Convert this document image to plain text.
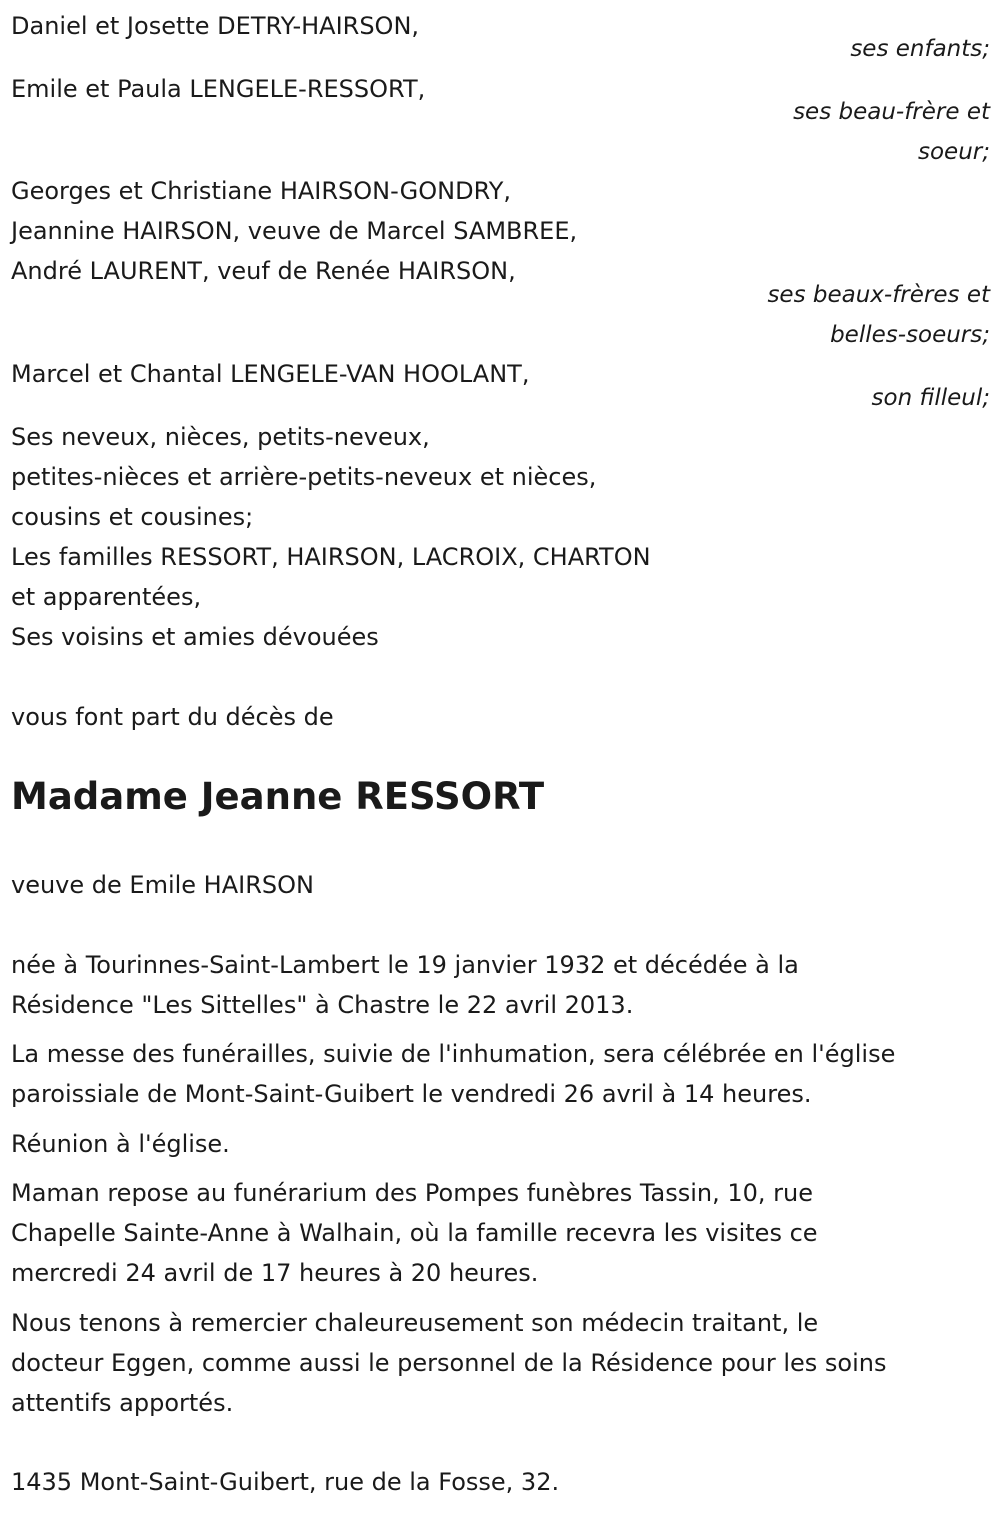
Daniel et Josette DETRY-HAIRSON,
ses enfants;
Emile et Paula LENGELE-RESSORT,
ses beau-frère et
soeur;
Georges et Christiane HAIRSON-GONDRY,
Jeannine HAIRSON, veuve de Marcel SAMBREE,
André LAURENT, veuf de Renée HAIRSON,
ses beaux-frères et
belles-soeurs;
Marcel et Chantal LENGELE-VAN HOOLANT,
son filleul;
Ses neveux, nièces, petits-neveux,
petites-nièces et arrière-petits-neveux et nièces,
cousins et cousines;
Les familles RESSORT, HAIRSON, LACROIX, CHARTON
et apparentées,
Ses voisins et amies dévouées
vous font part du décès de
Madame Jeanne RESSORT
veuve de Emile HAIRSON
née à Tourinnes-Saint-Lambert le 19 janvier 1932 et décédée à la
Résidence "Les Sittelles" à Chastre le 22 avril 2013.
La messe des funérailles, suivie de l'inhumation, sera célébrée en l'église
paroissiale de Mont-Saint-Guibert le vendredi 26 avril à 14 heures.
Réunion à l'église.
Maman repose au funérarium des Pompes funèbres Tassin, 10, rue
Chapelle Sainte-Anne à Walhain, où la famille recevra les visites ce
mercredi 24 avril de 17 heures à 20 heures.
Nous tenons à remercier chaleureusement son médecin traitant, le
docteur Eggen, comme aussi le personnel de la Résidence pour les soins
attentifs apportés.
1435 Mont-Saint-Guibert, rue de la Fosse, 32.
